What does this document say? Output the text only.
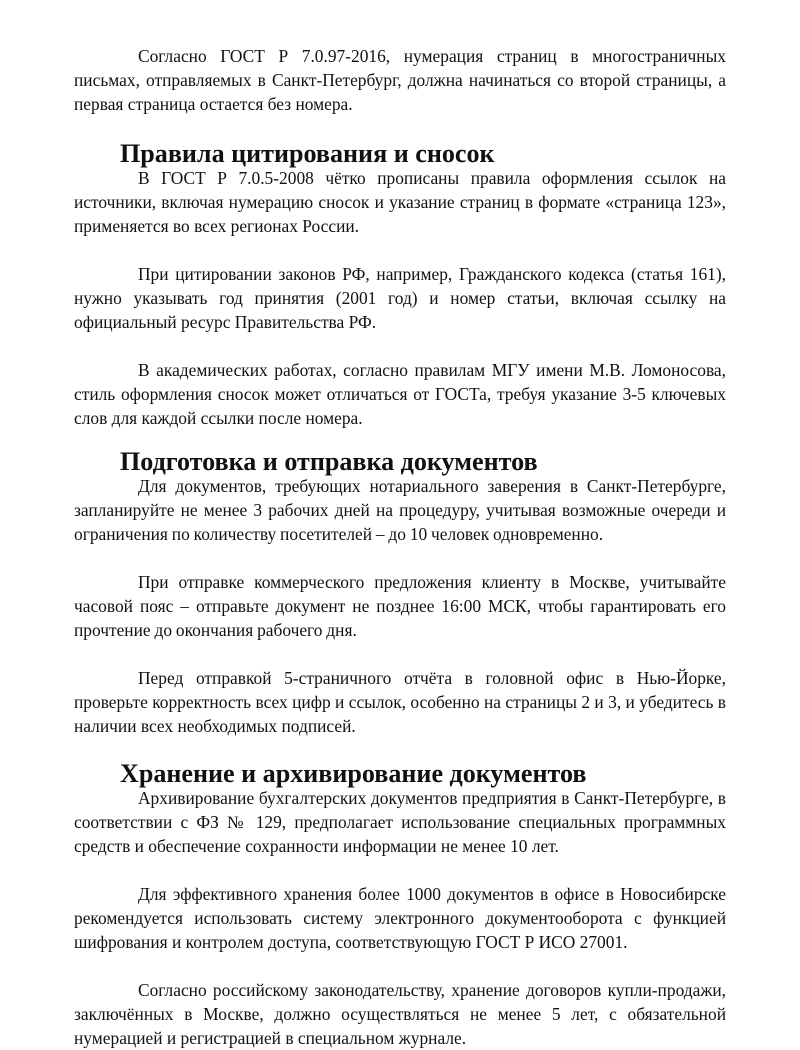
Согласно ГОСТ Р 7.0.97-2016, нумерация страниц в многостраничных письмах, отправляемых в Санкт-Петербург, должна начинаться со второй страницы, а первая страница остается без номера.

Правила цитирования и сносок

В ГОСТ Р 7.0.5-2008 чётко прописаны правила оформления ссылок на источники, включая нумерацию сносок и указание страниц в формате «страница 123», применяется во всех регионах России.

При цитировании законов РФ, например, Гражданского кодекса (статья 161), нужно указывать год принятия (2001 год) и номер статьи, включая ссылку на официальный ресурс Правительства РФ.

В академических работах, согласно правилам МГУ имени М.В. Ломоносова, стиль оформления сносок может отличаться от ГОСТа, требуя указание 3-5 ключевых слов для каждой ссылки после номера.

Подготовка и отправка документов

Для документов, требующих нотариального заверения в Санкт-Петербурге, запланируйте не менее 3 рабочих дней на процедуру, учитывая возможные очереди и ограничения по количеству посетителей – до 10 человек одновременно.

При отправке коммерческого предложения клиенту в Москве, учитывайте часовой пояс – отправьте документ не позднее 16:00 МСК, чтобы гарантировать его прочтение до окончания рабочего дня.

Перед отправкой 5-страничного отчёта в головной офис в Нью-Йорке, проверьте корректность всех цифр и ссылок, особенно на страницы 2 и 3, и убедитесь в наличии всех необходимых подписей.

Хранение и архивирование документов

Архивирование бухгалтерских документов предприятия в Санкт-Петербурге, в соответствии с ФЗ № 129, предполагает использование специальных программных средств и обеспечение сохранности информации не менее 10 лет.

Для эффективного хранения более 1000 документов в офисе в Новосибирске рекомендуется использовать систему электронного документооборота с функцией шифрования и контролем доступа, соответствующую ГОСТ Р ИСО 27001.

Согласно российскому законодательству, хранение договоров купли-продажи, заключённых в Москве, должно осуществляться не менее 5 лет, с обязательной нумерацией и регистрацией в специальном журнале.
